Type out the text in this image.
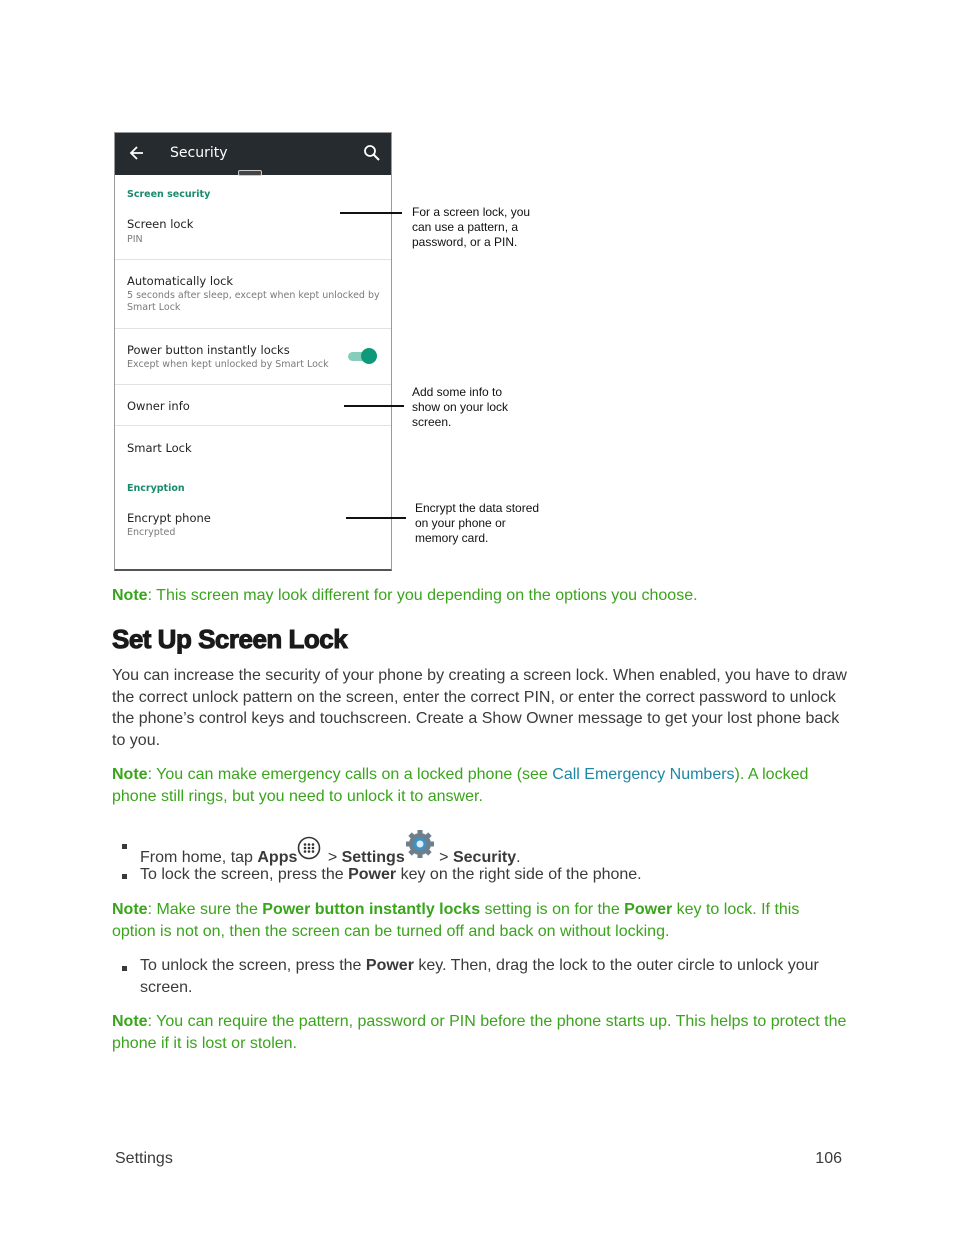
Security
Screen security
Screen lock
PIN
Automatically lock
5 seconds after sleep, except when kept unlocked by Smart Lock
Power button instantly locks
Except when kept unlocked by Smart Lock
Owner info
Smart Lock
Encryption
Encrypt phone
Encrypted
For a screen lock, you can use a pattern, a password, or a PIN.
Add some info to show on your lock screen.
Encrypt the data stored on your phone or memory card.
Note: This screen may look different for you depending on the options you choose.
Set Up Screen Lock
You can increase the security of your phone by creating a screen lock. When enabled, you have to draw the correct unlock pattern on the screen, enter the correct PIN, or enter the correct password to unlock the phone’s control keys and touchscreen. Create a Show Owner message to get your lost phone back to you.
Note: You can make emergency calls on a locked phone (see Call Emergency Numbers). A locked phone still rings, but you need to unlock it to answer.
From home, tap Apps > Settings > Security.
To lock the screen, press the Power key on the right side of the phone.
Note: Make sure the Power button instantly locks setting is on for the Power key to lock. If this option is not on, then the screen can be turned off and back on without locking.
To unlock the screen, press the Power key. Then, drag the lock to the outer circle to unlock your screen.
Note: You can require the pattern, password or PIN before the phone starts up. This helps to protect the phone if it is lost or stolen.
Settings	106
